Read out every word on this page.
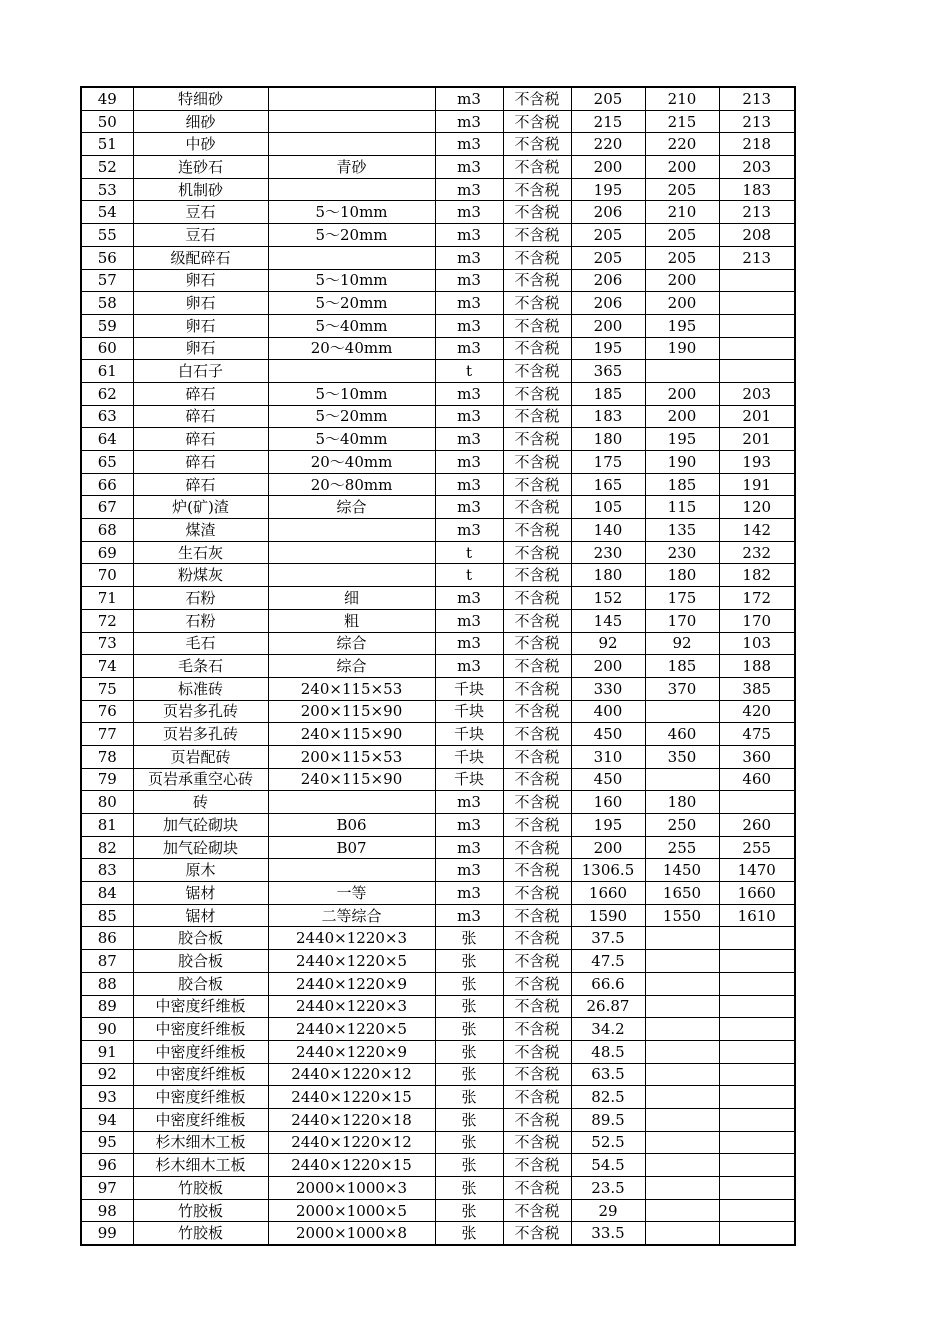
49	特细砂		m3	不含税	205	210	213
50	细砂		m3	不含税	215	215	213
51	中砂		m3	不含税	220	220	218
52	连砂石	青砂	m3	不含税	200	200	203
53	机制砂		m3	不含税	195	205	183
54	豆石	5～10mm	m3	不含税	206	210	213
55	豆石	5～20mm	m3	不含税	205	205	208
56	级配碎石		m3	不含税	205	205	213
57	卵石	5～10mm	m3	不含税	206	200	
58	卵石	5～20mm	m3	不含税	206	200	
59	卵石	5～40mm	m3	不含税	200	195	
60	卵石	20～40mm	m3	不含税	195	190	
61	白石子		t	不含税	365		
62	碎石	5～10mm	m3	不含税	185	200	203
63	碎石	5～20mm	m3	不含税	183	200	201
64	碎石	5～40mm	m3	不含税	180	195	201
65	碎石	20～40mm	m3	不含税	175	190	193
66	碎石	20～80mm	m3	不含税	165	185	191
67	炉(矿)渣	综合	m3	不含税	105	115	120
68	煤渣		m3	不含税	140	135	142
69	生石灰		t	不含税	230	230	232
70	粉煤灰		t	不含税	180	180	182
71	石粉	细	m3	不含税	152	175	172
72	石粉	粗	m3	不含税	145	170	170
73	毛石	综合	m3	不含税	92	92	103
74	毛条石	综合	m3	不含税	200	185	188
75	标准砖	240×115×53	千块	不含税	330	370	385
76	页岩多孔砖	200×115×90	千块	不含税	400		420
77	页岩多孔砖	240×115×90	千块	不含税	450	460	475
78	页岩配砖	200×115×53	千块	不含税	310	350	360
79	页岩承重空心砖	240×115×90	千块	不含税	450		460
80	砖		m3	不含税	160	180	
81	加气砼砌块	B06	m3	不含税	195	250	260
82	加气砼砌块	B07	m3	不含税	200	255	255
83	原木		m3	不含税	1306.5	1450	1470
84	锯材	一等	m3	不含税	1660	1650	1660
85	锯材	二等综合	m3	不含税	1590	1550	1610
86	胶合板	2440×1220×3	张	不含税	37.5		
87	胶合板	2440×1220×5	张	不含税	47.5		
88	胶合板	2440×1220×9	张	不含税	66.6		
89	中密度纤维板	2440×1220×3	张	不含税	26.87		
90	中密度纤维板	2440×1220×5	张	不含税	34.2		
91	中密度纤维板	2440×1220×9	张	不含税	48.5		
92	中密度纤维板	2440×1220×12	张	不含税	63.5		
93	中密度纤维板	2440×1220×15	张	不含税	82.5		
94	中密度纤维板	2440×1220×18	张	不含税	89.5		
95	杉木细木工板	2440×1220×12	张	不含税	52.5		
96	杉木细木工板	2440×1220×15	张	不含税	54.5		
97	竹胶板	2000×1000×3	张	不含税	23.5		
98	竹胶板	2000×1000×5	张	不含税	29		
99	竹胶板	2000×1000×8	张	不含税	33.5		
